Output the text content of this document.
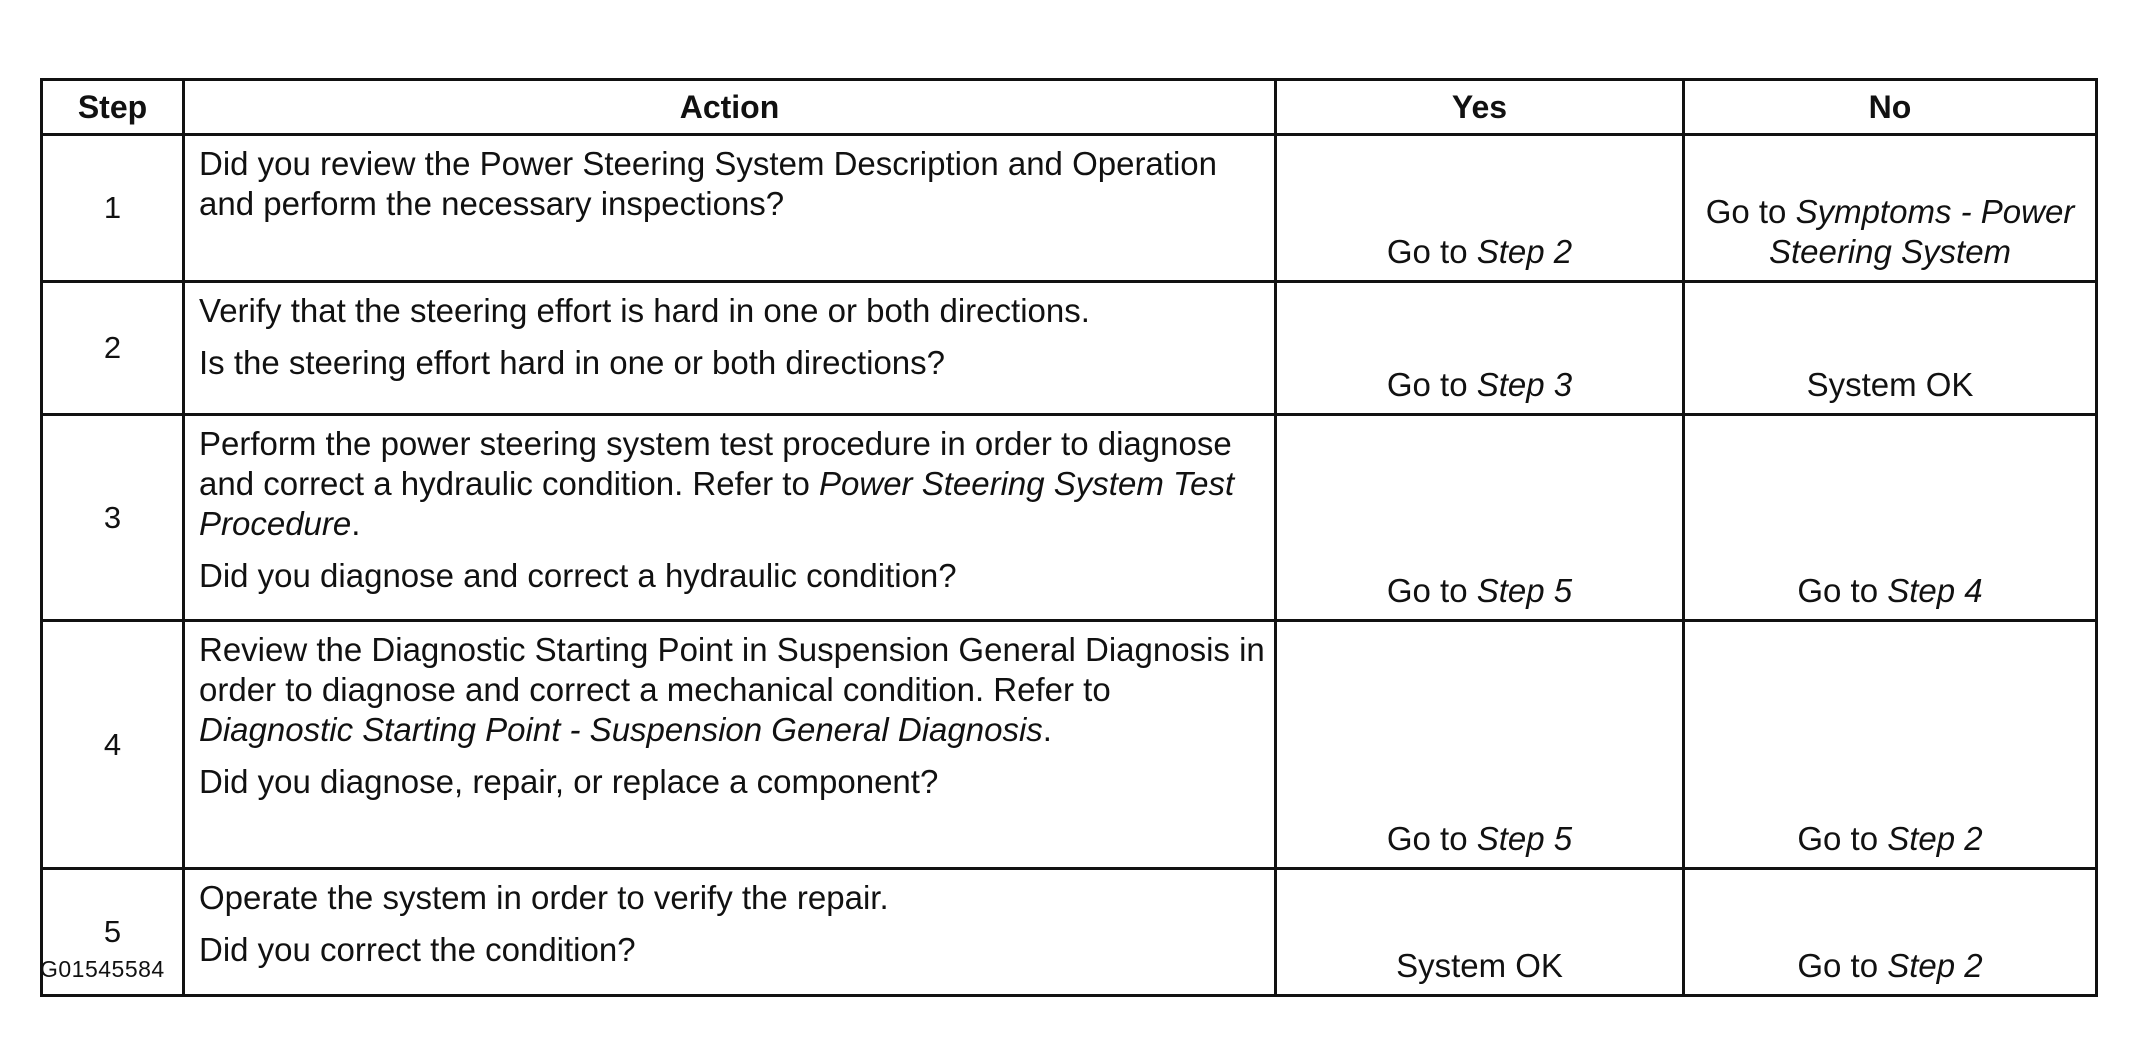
Step	Action	Yes	No
1	Did you review the Power Steering System Description and Operation and perform the necessary inspections?	Go to Step 2	Go to Symptoms - Power Steering System
2	Verify that the steering effort is hard in one or both directions.

Is the steering effort hard in one or both directions?	Go to Step 3	System OK
3	Perform the power steering system test procedure in order to diagnose and correct a hydraulic condition. Refer to Power Steering System Test Procedure.

Did you diagnose and correct a hydraulic condition?	Go to Step 5	Go to Step 4
4	Review the Diagnostic Starting Point in Suspension General Diagnosis in order to diagnose and correct a mechanical condition. Refer to Diagnostic Starting Point - Suspension General Diagnosis.

Did you diagnose, repair, or replace a component?	Go to Step 5	Go to Step 2
5	Operate the system in order to verify the repair.

Did you correct the condition?	System OK	Go to Step 2
G01545584
